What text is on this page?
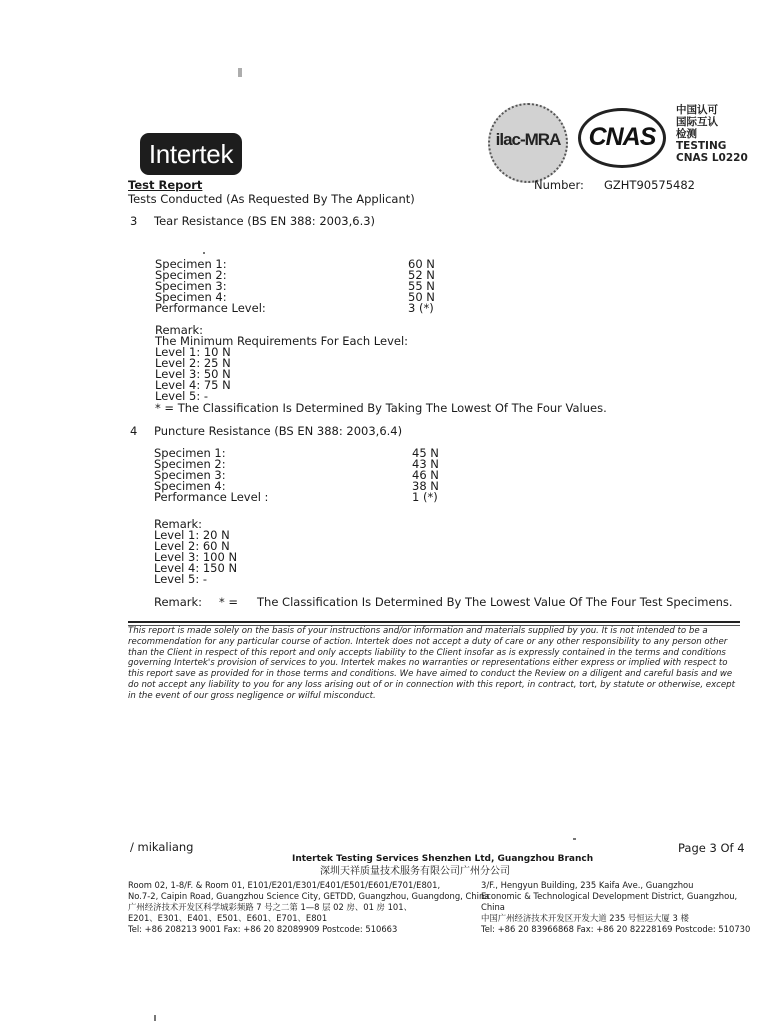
Intertek	ilac-MRA	CNAS
中国认可
国际互认
检测
TESTING
CNAS L0220
Test Report	Number: GZHT90575482
Tests Conducted (As Requested By The Applicant)
3 Tear Resistance (BS EN 388: 2003,6.3)
Specimen 1:	60 N
Specimen 2:	52 N
Specimen 3:	55 N
Specimen 4:	50 N
Performance Level:	3 (*)
Remark:
The Minimum Requirements For Each Level:
Level 1: 10 N
Level 2: 25 N
Level 3: 50 N
Level 4: 75 N
Level 5: -
* = The Classification Is Determined By Taking The Lowest Of The Four Values.
4 Puncture Resistance (BS EN 388: 2003,6.4)
Specimen 1:	45 N
Specimen 2:	43 N
Specimen 3:	46 N
Specimen 4:	38 N
Performance Level :	1 (*)
Remark:
Level 1: 20 N
Level 2: 60 N
Level 3: 100 N
Level 4: 150 N
Level 5: -
Remark: * = The Classification Is Determined By The Lowest Value Of The Four Test Specimens.
This report is made solely on the basis of your instructions and/or information and materials supplied by you. It is not intended to be a recommendation for any particular course of action. Intertek does not accept a duty of care or any other responsibility to any person other than the Client in respect of this report and only accepts liability to the Client insofar as is expressly contained in the terms and conditions governing Intertek's provision of services to you. Intertek makes no warranties or representations either express or implied with respect to this report save as provided for in those terms and conditions. We have aimed to conduct the Review on a diligent and careful basis and we do not accept any liability to you for any loss arising out of or in connection with this report, in contract, tort, by statute or otherwise, except in the event of our gross negligence or wilful misconduct.
/ mikaliang	Page 3 Of 4
Intertek Testing Services Shenzhen Ltd, Guangzhou Branch
深圳天祥质量技术服务有限公司广州分公司
Room 02, 1-8/F. & Room 01, E101/E201/E301/E401/E501/E601/E701/E801,
No.7-2, Caipin Road, Guangzhou Science City, GETDD, Guangzhou, Guangdong, China
广州经济技术开发区科学城彩频路 7 号之二第 1—8 层 02 房、01 房 101、
E201、E301、E401、E501、E601、E701、E801
Tel: +86 208213 9001 Fax: +86 20 82089909 Postcode: 510663
3/F., Hengyun Building, 235 Kaifa Ave., Guangzhou
Economic & Technological Development District, Guangzhou,
China
中国广州经济技术开发区开发大道 235 号恒运大厦 3 楼
Tel: +86 20 83966868 Fax: +86 20 82228169 Postcode: 510730
